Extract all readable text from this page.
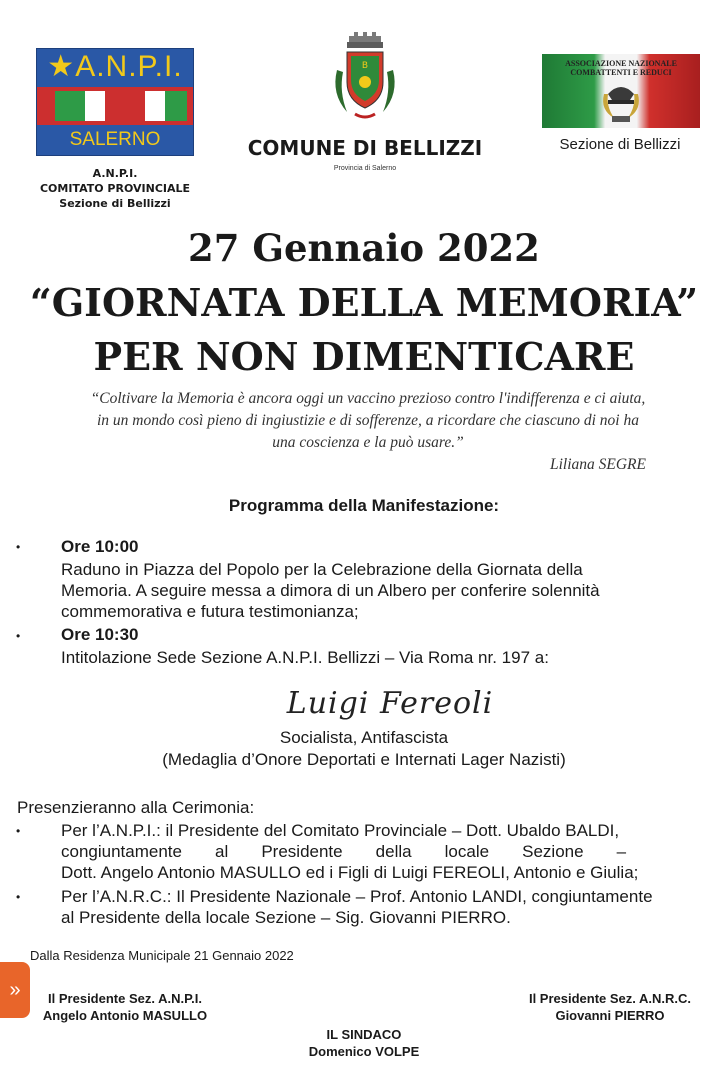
★A.N.P.I.
SALERNO
A.N.P.I.
COMITATO PROVINCIALE
Sezione di Bellizzi
B
COMUNE DI BELLIZZI
Provincia di Salerno
ASSOCIAZIONE NAZIONALE
COMBATTENTI E REDUCI
Sezione di Bellizzi
27 Gennaio 2022
“GIORNATA DELLA MEMORIA”
PER NON DIMENTICARE
“Coltivare la Memoria è ancora oggi un vaccino prezioso contro l'indifferenza e ci aiuta,
in un mondo così pieno di ingiustizie e di sofferenze, a ricordare che ciascuno di noi ha
una coscienza e la può usare.”
Liliana SEGRE
Programma della Manifestazione:
• Ore 10:00
Raduno in Piazza del Popolo per la Celebrazione della Giornata della
Memoria. A seguire messa a dimora di un Albero per conferire solennità
commemorativa e futura testimonianza;
• Ore 10:30
Intitolazione Sede Sezione A.N.P.I. Bellizzi – Via Roma nr. 197 a:
Luigi Fereoli
Socialista, Antifascista
(Medaglia d’Onore Deportati e Internati Lager Nazisti)
Presenzieranno alla Cerimonia:
• Per l’A.N.P.I.: il Presidente del Comitato Provinciale – Dott. Ubaldo BALDI,
congiuntamente       al       Presidente       della       locale       Sezione       –
Dott. Angelo Antonio MASULLO ed i Figli di Luigi FEREOLI, Antonio e Giulia;
• Per l’A.N.R.C.: Il Presidente Nazionale – Prof. Antonio LANDI, congiuntamente
al Presidente della locale Sezione – Sig. Giovanni PIERRO.
Dalla Residenza Municipale 21 Gennaio 2022
Il Presidente Sez. A.N.P.I.
Angelo Antonio MASULLO
Il Presidente Sez. A.N.R.C.
Giovanni PIERRO
IL SINDACO
Domenico VOLPE
»
